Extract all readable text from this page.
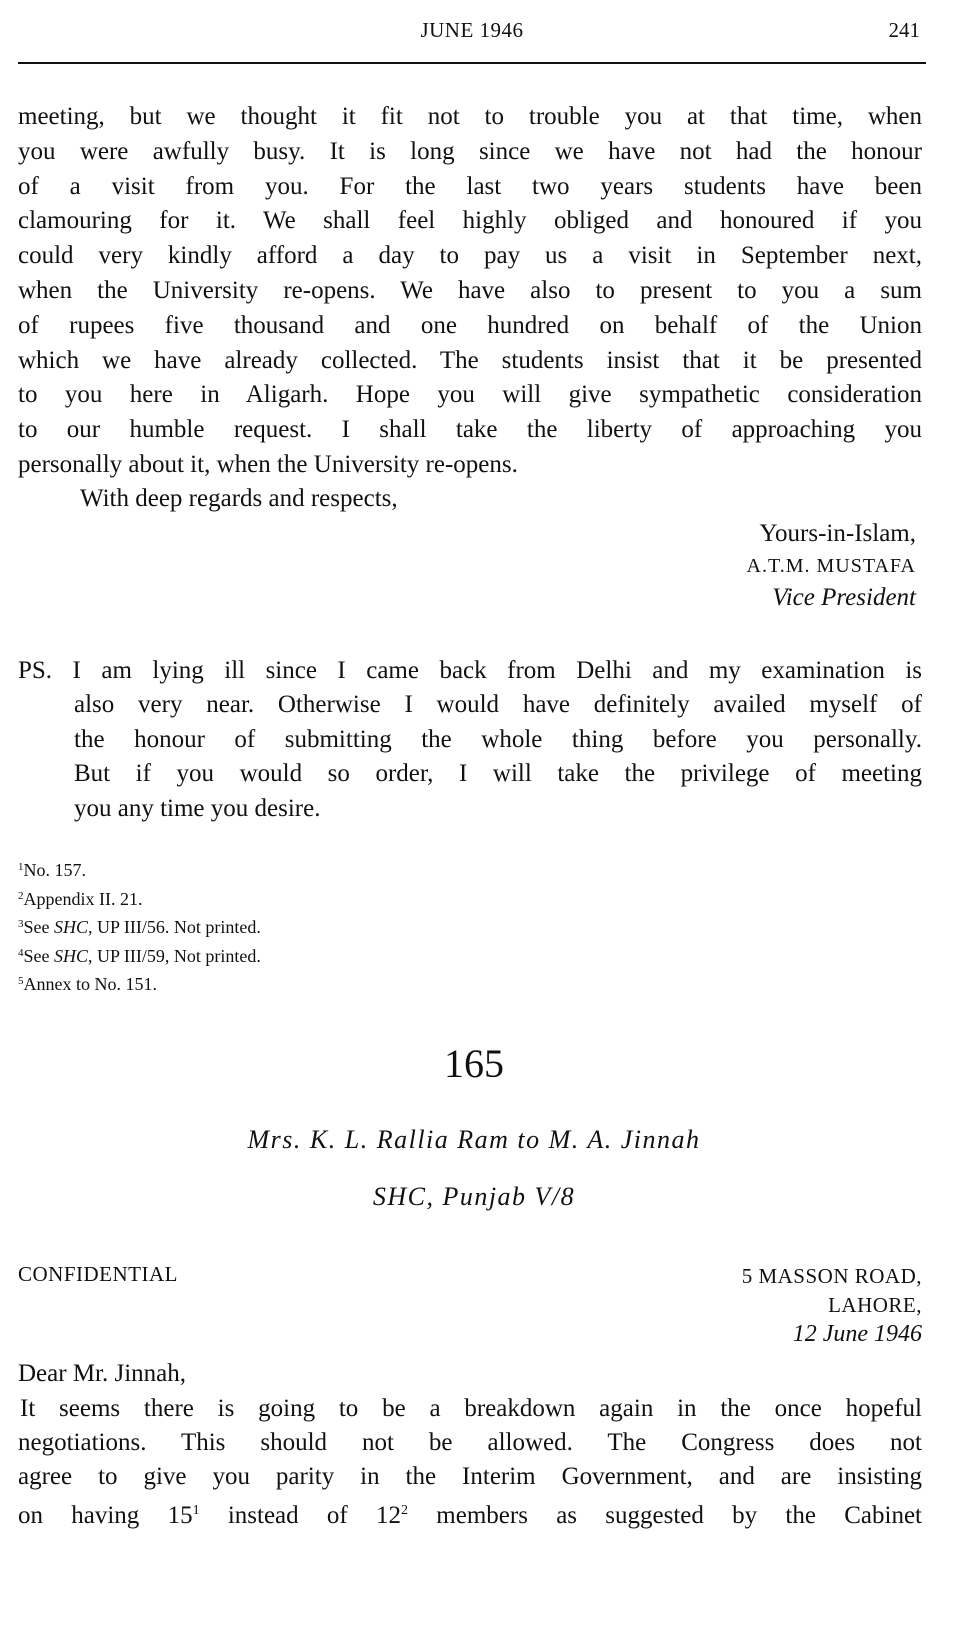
JUNE 1946	241
meeting, but we thought it fit not to trouble you at that time, when
you were awfully busy. It is long since we have not had the honour
of a visit from you. For the last two years students have been
clamouring for it. We shall feel highly obliged and honoured if you
could very kindly afford a day to pay us a visit in September next,
when the University re-opens. We have also to present to you a sum
of rupees five thousand and one hundred on behalf of the Union
which we have already collected. The students insist that it be presented
to you here in Aligarh. Hope you will give sympathetic consideration
to our humble request. I shall take the liberty of approaching you
personally about it, when the University re-opens.
With deep regards and respects,
Yours-in-Islam,
A.T.M. MUSTAFA
Vice President
PS. I am lying ill since I came back from Delhi and my examination is
also very near. Otherwise I would have definitely availed myself of
the honour of submitting the whole thing before you personally.
But if you would so order, I will take the privilege of meeting
you any time you desire.
$^1$No. 157.
$^2$Appendix II. 21.
$^3$See SHC, UP III/56. Not printed.
$^4$See SHC, UP III/59, Not printed.
$^5$Annex to No. 151.
165
Mrs. K. L. Rallia Ram to M. A. Jinnah
SHC, Punjab V/8
CONFIDENTIAL	5 MASSON ROAD,
LAHORE,
12 June 1946
Dear Mr. Jinnah,
It seems there is going to be a breakdown again in the once hopeful
negotiations. This should not be allowed. The Congress does not
agree to give you parity in the Interim Government, and are insisting
on having 15$^1$ instead of 12$^2$ members as suggested by the Cabinet
